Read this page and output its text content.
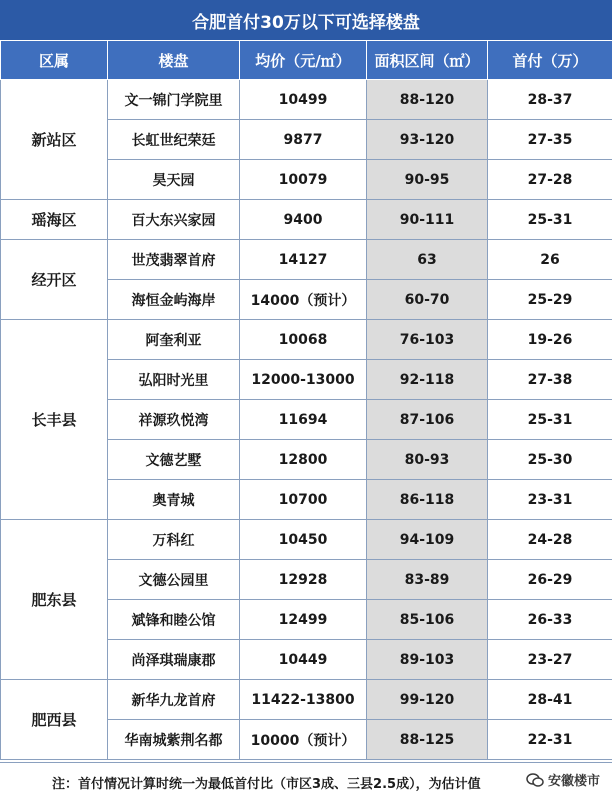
合肥首付30万以下可选择楼盘
区属	楼盘	均价（元/㎡）	面积区间（㎡）	首付（万）
新站区	文一锦门学院里	10499	88-120	28-37
	长虹世纪荣廷	9877	93-120	27-35
	昊天园	10079	90-95	27-28
瑶海区	百大东兴家园	9400	90-111	25-31
经开区	世茂翡翠首府	14127	63	26
	海恒金屿海岸	14000（预计）	60-70	25-29
长丰县	阿奎利亚	10068	76-103	19-26
	弘阳时光里	12000-13000	92-118	27-38
	祥源玖悦湾	11694	87-106	25-31
	文德艺墅	12800	80-93	25-30
	奥青城	10700	86-118	23-31
肥东县	万科红	10450	94-109	24-28
	文德公园里	12928	83-89	26-29
	斌锋和睦公馆	12499	85-106	26-33
	尚泽琪瑞康郡	10449	89-103	23-27
肥西县	新华九龙首府	11422-13800	99-120	28-41
	华南城紫荆名都	10000（预计）	88-125	22-31
注：首付情况计算时统一为最低首付比（市区3成、三县2.5成），为估计值	安徽楼市
